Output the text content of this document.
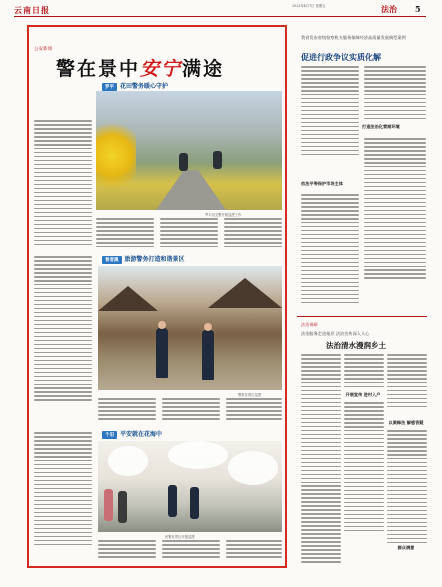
云南日报	2023年4月7日 星期五	法治 5
公安新闻
警在景中安宁满途
罗平 花田警务暖心守护
罗平县交警开展巡逻工作
普者黑 旅游警务打造和谐景区
警察在景区巡逻
个旧 平安就在花海中
民警在景区开展巡逻
我省发布省级检察机关服务保障经济高质量发展典型案例
促进行政争议实质化解
打造法治化营商环境
依法平等保护市场主体
法治调研
法治服务走进基层 法治宣传深入人心
法治清水漫润乡土
开展宣传 进村入户
以案释法 解惑答疑
群众满意
